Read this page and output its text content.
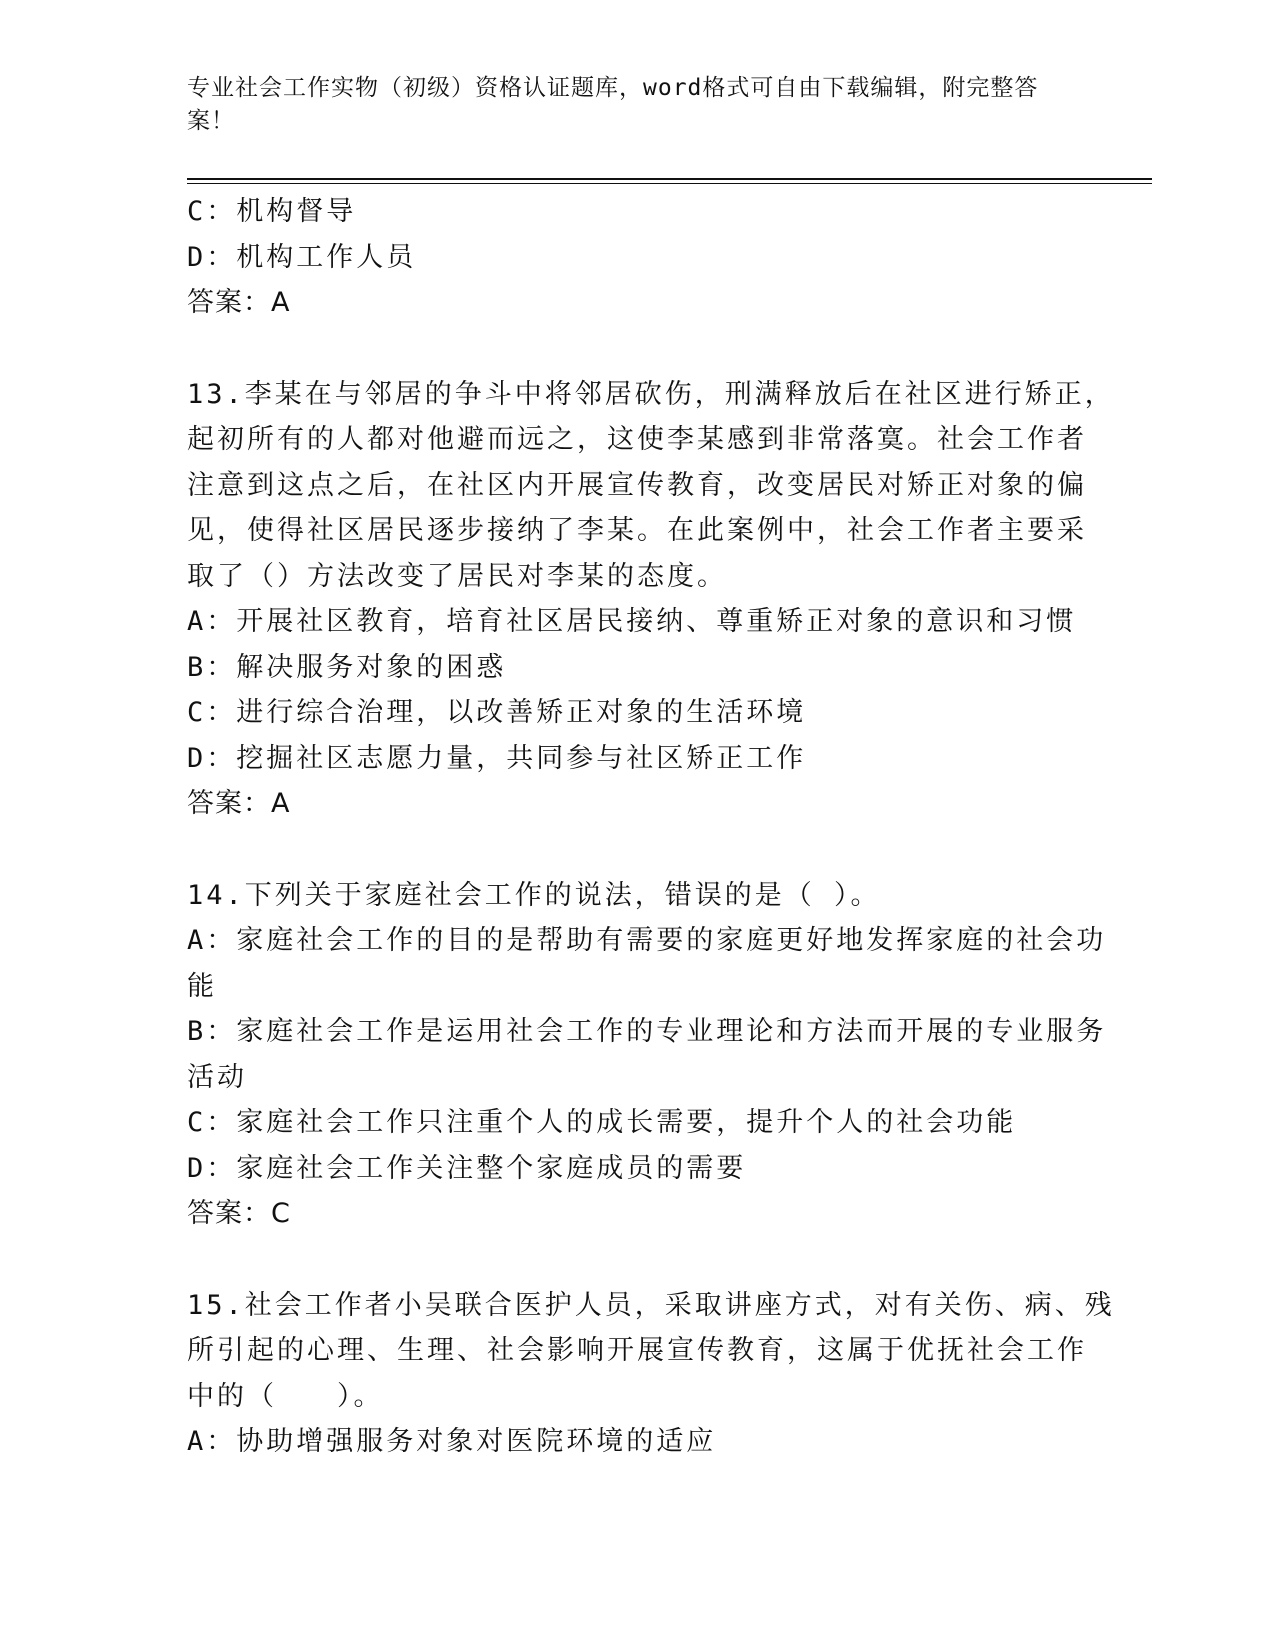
专业社会工作实物（初级）资格认证题库，word格式可自由下载编辑，附完整答案！
C：机构督导
D：机构工作人员
答案：A
13.李某在与邻居的争斗中将邻居砍伤，刑满释放后在社区进行矫正，
起初所有的人都对他避而远之，这使李某感到非常落寞。社会工作者
注意到这点之后，在社区内开展宣传教育，改变居民对矫正对象的偏
见，使得社区居民逐步接纳了李某。在此案例中，社会工作者主要采
取了（）方法改变了居民对李某的态度。
A：开展社区教育，培育社区居民接纳、尊重矫正对象的意识和习惯
B：解决服务对象的困惑
C：进行综合治理，以改善矫正对象的生活环境
D：挖掘社区志愿力量，共同参与社区矫正工作
答案：A
14.下列关于家庭社会工作的说法，错误的是（ ）。
A：家庭社会工作的目的是帮助有需要的家庭更好地发挥家庭的社会功
能
B：家庭社会工作是运用社会工作的专业理论和方法而开展的专业服务
活动
C：家庭社会工作只注重个人的成长需要，提升个人的社会功能
D：家庭社会工作关注整个家庭成员的需要
答案：C
15.社会工作者小吴联合医护人员，采取讲座方式，对有关伤、病、残
所引起的心理、生理、社会影响开展宣传教育，这属于优抚社会工作
中的（　　）。
A：协助增强服务对象对医院环境的适应
